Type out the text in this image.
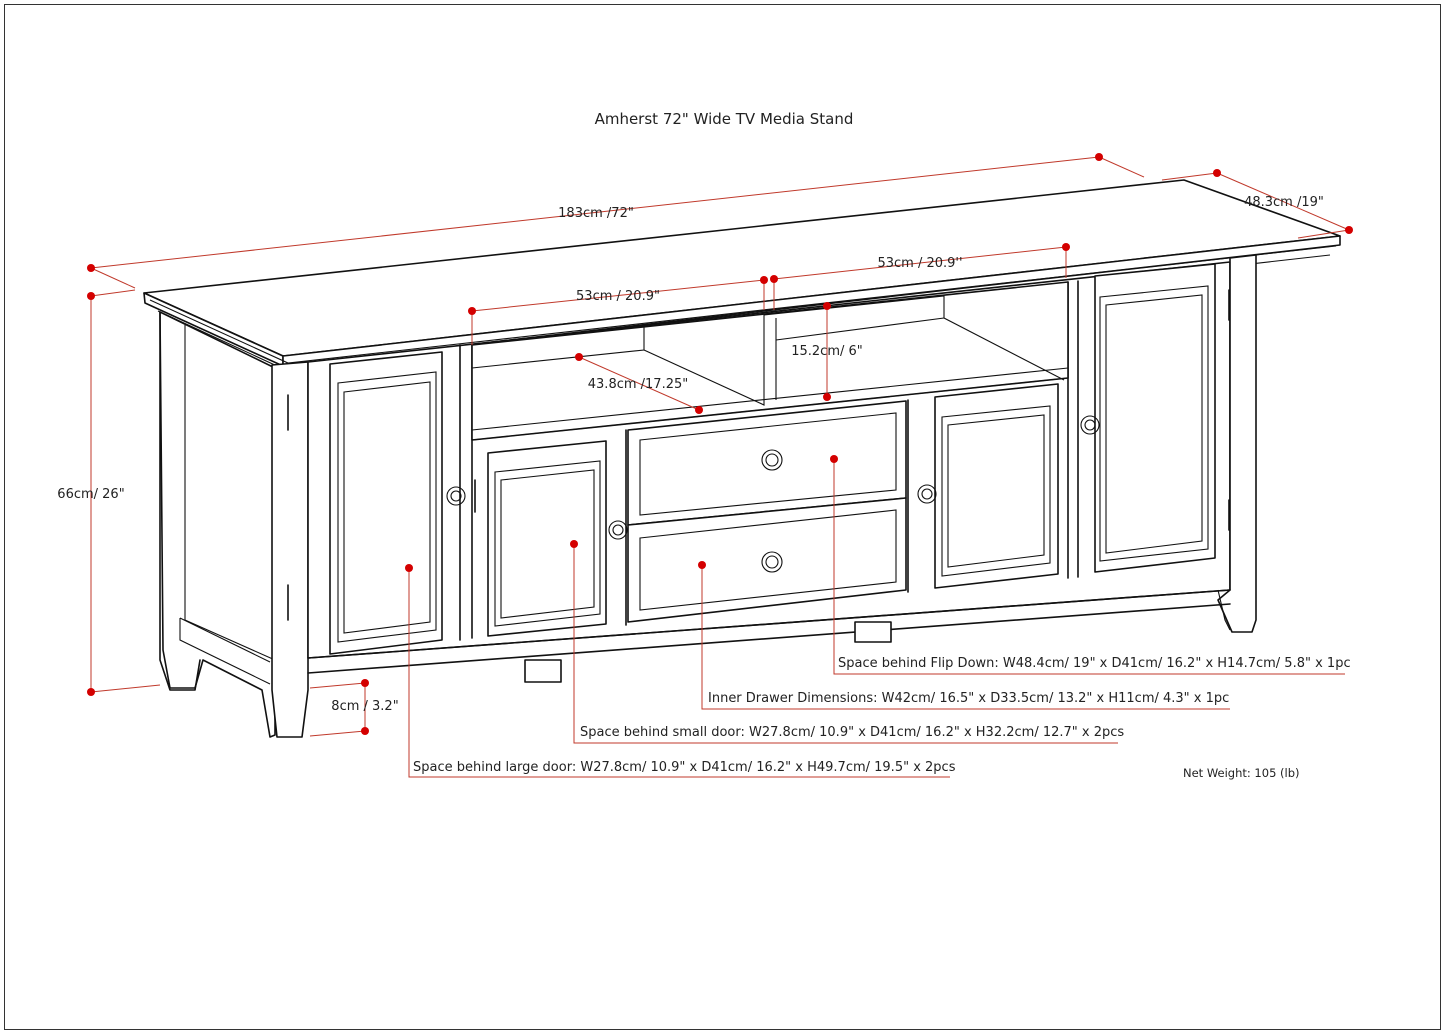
Amherst 72" Wide TV Media Stand
183cm /72"
48.3cm /19"
66cm/ 26"
8cm / 3.2"
53cm / 20.9"
53cm / 20.9''
15.2cm/ 6"
43.8cm /17.25"
Space behind Flip Down: W48.4cm/ 19" x D41cm/ 16.2" x H14.7cm/ 5.8" x 1pc
Inner Drawer Dimensions: W42cm/ 16.5" x D33.5cm/ 13.2" x H11cm/ 4.3" x 1pc
Space behind small door: W27.8cm/ 10.9" x D41cm/ 16.2" x H32.2cm/ 12.7" x 2pcs
Space behind large door: W27.8cm/ 10.9" x D41cm/ 16.2" x H49.7cm/ 19.5" x 2pcs	Net Weight: 105 (lb)
